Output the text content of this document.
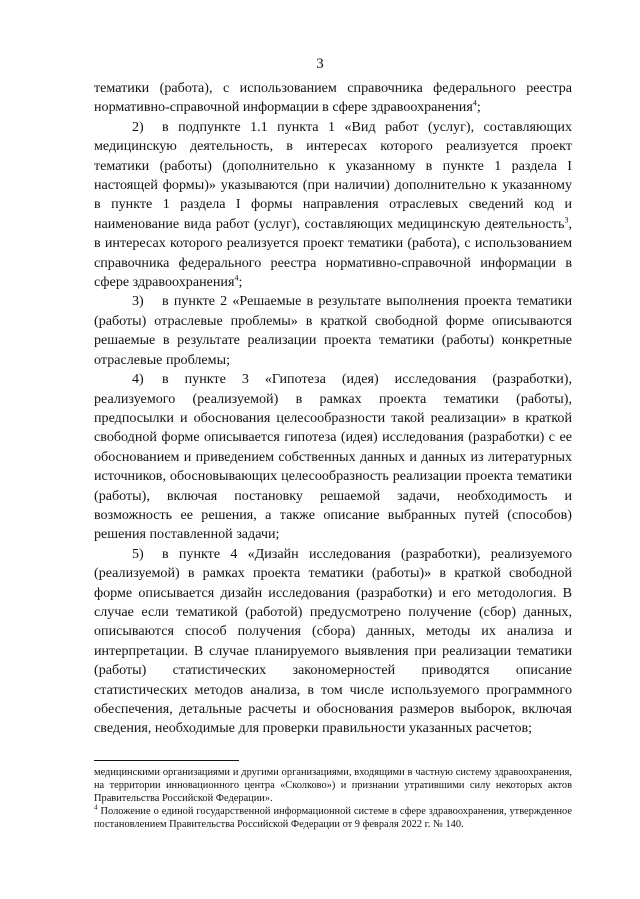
3

тематики (работа), с использованием справочника федерального реестра нормативно-справочной информации в сфере здравоохранения$^4$;

2) в подпункте 1.1 пункта 1 «Вид работ (услуг), составляющих медицинскую деятельность, в интересах которого реализуется проект тематики (работы) (дополнительно к указанному в пункте 1 раздела I настоящей формы)» указываются (при наличии) дополнительно к указанному в пункте 1 раздела I формы направления отраслевых сведений код и наименование вида работ (услуг), составляющих медицинскую деятельность$^3$, в интересах которого реализуется проект тематики (работа), с использованием справочника федерального реестра нормативно-справочной информации в сфере здравоохранения$^4$;

3) в пункте 2 «Решаемые в результате выполнения проекта тематики (работы) отраслевые проблемы» в краткой свободной форме описываются решаемые в результате реализации проекта тематики (работы) конкретные отраслевые проблемы;

4) в пункте 3 «Гипотеза (идея) исследования (разработки), реализуемого (реализуемой) в рамках проекта тематики (работы), предпосылки и обоснования целесообразности такой реализации» в краткой свободной форме описывается гипотеза (идея) исследования (разработки) с ее обоснованием и приведением собственных данных и данных из литературных источников, обосновывающих целесообразность реализации проекта тематики (работы), включая постановку решаемой задачи, необходимость и возможность ее решения, а также описание выбранных путей (способов) решения поставленной задачи;

5) в пункте 4 «Дизайн исследования (разработки), реализуемого (реализуемой) в рамках проекта тематики (работы)» в краткой свободной форме описывается дизайн исследования (разработки) и его методология. В случае если тематикой (работой) предусмотрено получение (сбор) данных, описываются способ получения (сбора) данных, методы их анализа и интерпретации. В случае планируемого выявления при реализации тематики (работы) статистических закономерностей приводятся описание статистических методов анализа, в том числе используемого программного обеспечения, детальные расчеты и обоснования размеров выборок, включая сведения, необходимые для проверки правильности указанных расчетов;

медицинскими организациями и другими организациями, входящими в частную систему здравоохранения, на территории инновационного центра «Сколково») и признании утратившими силу некоторых актов Правительства Российской Федерации».

$^4$ Положение о единой государственной информационной системе в сфере здравоохранения, утвержденное постановлением Правительства Российской Федерации от 9 февраля 2022 г. № 140.
